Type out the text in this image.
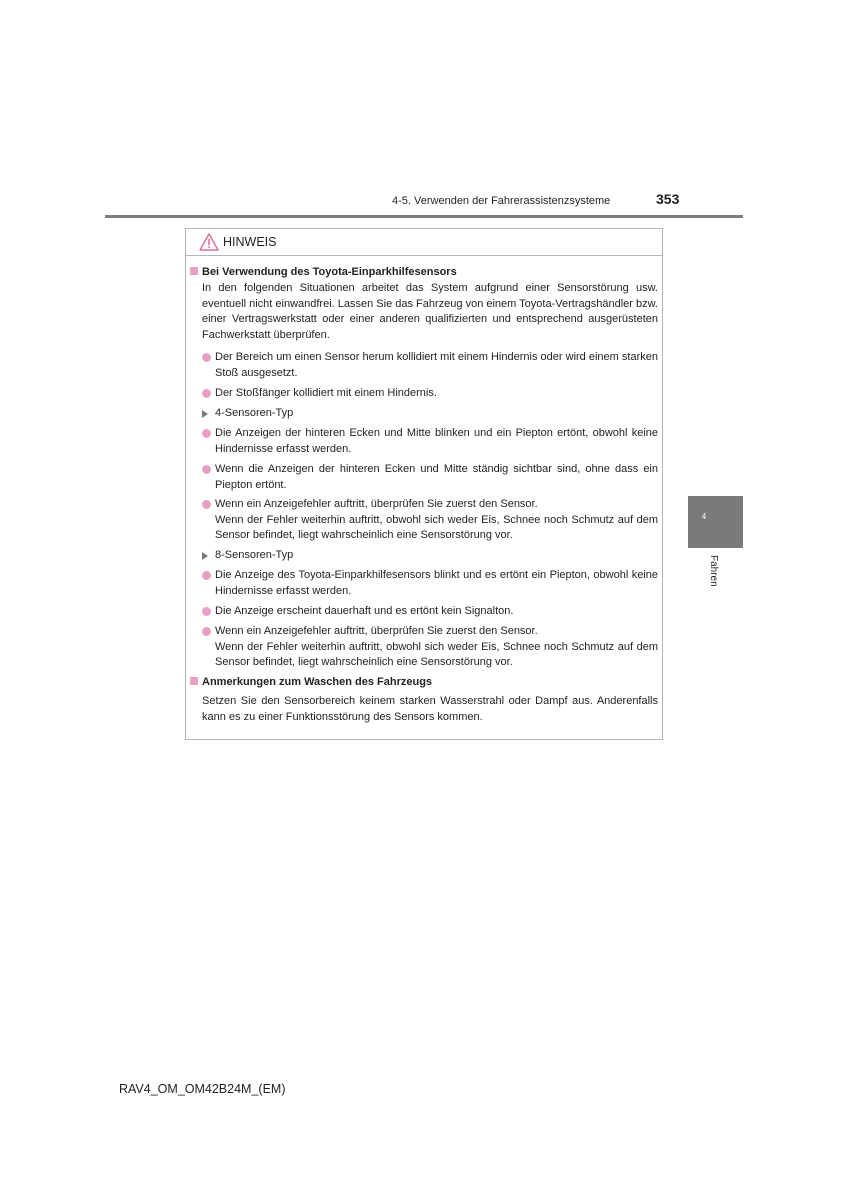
4-5. Verwenden der Fahrerassistenzsysteme	353
4
Fahren
HINWEIS
Bei Verwendung des Toyota-Einparkhilfesensors
In den folgenden Situationen arbeitet das System aufgrund einer Sensorstörung usw. eventuell nicht einwandfrei. Lassen Sie das Fahrzeug von einem Toyota-Vertragshändler bzw. einer Vertragswerkstatt oder einer anderen qualifizierten und entsprechend ausgerüsteten Fachwerkstatt überprüfen.
Der Bereich um einen Sensor herum kollidiert mit einem Hindernis oder wird einem starken Stoß ausgesetzt.
Der Stoßfänger kollidiert mit einem Hindernis.
4-Sensoren-Typ
Die Anzeigen der hinteren Ecken und Mitte blinken und ein Piepton ertönt, obwohl keine Hindernisse erfasst werden.
Wenn die Anzeigen der hinteren Ecken und Mitte ständig sichtbar sind, ohne dass ein Piepton ertönt.
Wenn ein Anzeigefehler auftritt, überprüfen Sie zuerst den Sensor.
Wenn der Fehler weiterhin auftritt, obwohl sich weder Eis, Schnee noch Schmutz auf dem Sensor befindet, liegt wahrscheinlich eine Sensorstörung vor.
8-Sensoren-Typ
Die Anzeige des Toyota-Einparkhilfesensors blinkt und es ertönt ein Piepton, obwohl keine Hindernisse erfasst werden.
Die Anzeige erscheint dauerhaft und es ertönt kein Signalton.
Wenn ein Anzeigefehler auftritt, überprüfen Sie zuerst den Sensor.
Wenn der Fehler weiterhin auftritt, obwohl sich weder Eis, Schnee noch Schmutz auf dem Sensor befindet, liegt wahrscheinlich eine Sensorstörung vor.
Anmerkungen zum Waschen des Fahrzeugs
Setzen Sie den Sensorbereich keinem starken Wasserstrahl oder Dampf aus. Anderenfalls kann es zu einer Funktionsstörung des Sensors kommen.
RAV4_OM_OM42B24M_(EM)
